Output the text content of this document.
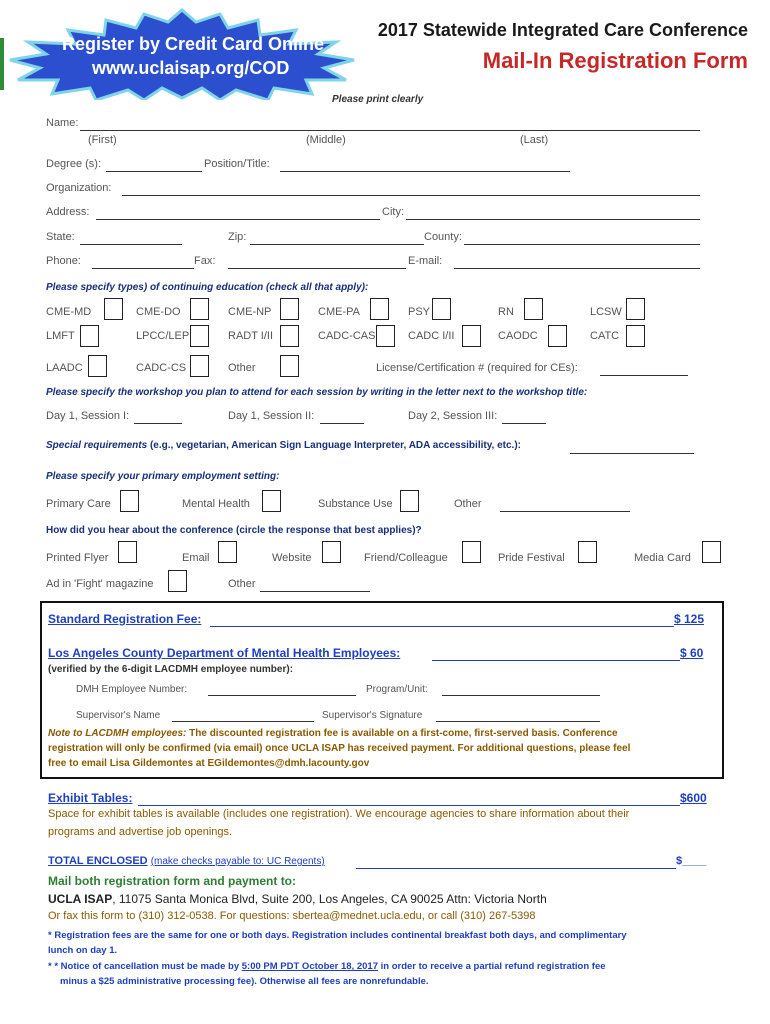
Register by Credit Card Online
www.uclaisap.org/COD
2017 Statewide Integrated Care Conference
Mail-In Registration Form
Please print clearly
Name:
(First)	(Middle)	(Last)
Degree (s):	Position/Title:
Organization:
Address:	City:
State:	Zip:	County:
Phone:	Fax:	E-mail:
Please specify types) of continuing education (check all that apply):
CME-MD	CME-DO	CME-NP	CME-PA	PSY	RN	LCSW
LMFT	LPCC/LEP	RADT I/II	CADC-CAS	CADC I/II	CAODC	CATC
LAADC	CADC-CS	Other	License/Certification # (required for CEs):
Please specify the workshop you plan to attend for each session by writing in the letter next to the workshop title:
Day 1, Session I:	Day 1, Session II:	Day 2, Session III:
Special requirements (e.g., vegetarian, American Sign Language Interpreter, ADA accessibility, etc.):
Please specify your primary employment setting:
Primary Care	Mental Health	Substance Use	Other
How did you hear about the conference (circle the response that best applies)?
Printed Flyer	Email	Website	Friend/Colleague	Pride Festival	Media Card
Ad in 'Fight' magazine	Other
Standard Registration Fee:	$ 125
Los Angeles County Department of Mental Health Employees:	$ 60
(verified by the 6-digit LACDMH employee number):
DMH Employee Number:	Program/Unit:
Supervisor's Name	Supervisor's Signature
Note to LACDMH employees: The discounted registration fee is available on a first-come, first-served basis. Conference
registration will only be confirmed (via email) once UCLA ISAP has received payment. For additional questions, please feel
free to email Lisa Gildemontes at EGildemontes@dmh.lacounty.gov
Exhibit Tables:	$600
Space for exhibit tables is available (includes one registration). We encourage agencies to share information about their
programs and advertise job openings.
TOTAL ENCLOSED (make checks payable to: UC Regents)	$____
Mail both registration form and payment to:
UCLA ISAP, 11075 Santa Monica Blvd, Suite 200, Los Angeles, CA 90025 Attn: Victoria North
Or fax this form to (310) 312-0538. For questions: sbertea@mednet.ucla.edu, or call (310) 267-5398
* Registration fees are the same for one or both days. Registration includes continental breakfast both days, and complimentary
lunch on day 1.
* * Notice of cancellation must be made by 5:00 PM PDT October 18, 2017 in order to receive a partial refund registration fee
minus a $25 administrative processing fee). Otherwise all fees are nonrefundable.
